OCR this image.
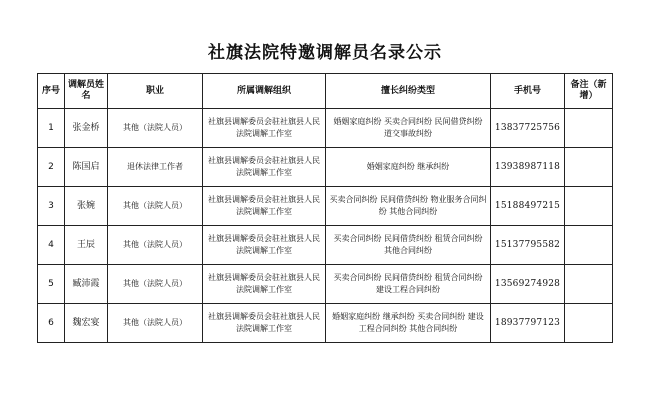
社旗法院特邀调解员名录公示
序号	调解员姓名	职业	所属调解组织	擅长纠纷类型	手机号	备注（新增）
1	张金桥	其他（法院人员）	社旗县调解委员会驻社旗县人民法院调解工作室	婚姻家庭纠纷 买卖合同纠纷 民间借贷纠纷 道交事故纠纷	13837725756	
2	陈国启	退休法律工作者	社旗县调解委员会驻社旗县人民法院调解工作室	婚姻家庭纠纷 继承纠纷	13938987118	
3	张婉	其他（法院人员）	社旗县调解委员会驻社旗县人民法院调解工作室	买卖合同纠纷 民间借贷纠纷 物业服务合同纠纷 其他合同纠纷	15188497215	
4	王辰	其他（法院人员）	社旗县调解委员会驻社旗县人民法院调解工作室	买卖合同纠纷 民间借贷纠纷 租赁合同纠纷 其他合同纠纷	15137795582	
5	臧沛霞	其他（法院人员）	社旗县调解委员会驻社旗县人民法院调解工作室	买卖合同纠纷 民间借贷纠纷 租赁合同纠纷 建设工程合同纠纷	13569274928	
6	魏宏宴	其他（法院人员）	社旗县调解委员会驻社旗县人民法院调解工作室	婚姻家庭纠纷 继承纠纷 买卖合同纠纷 建设工程合同纠纷 其他合同纠纷	18937797123	
